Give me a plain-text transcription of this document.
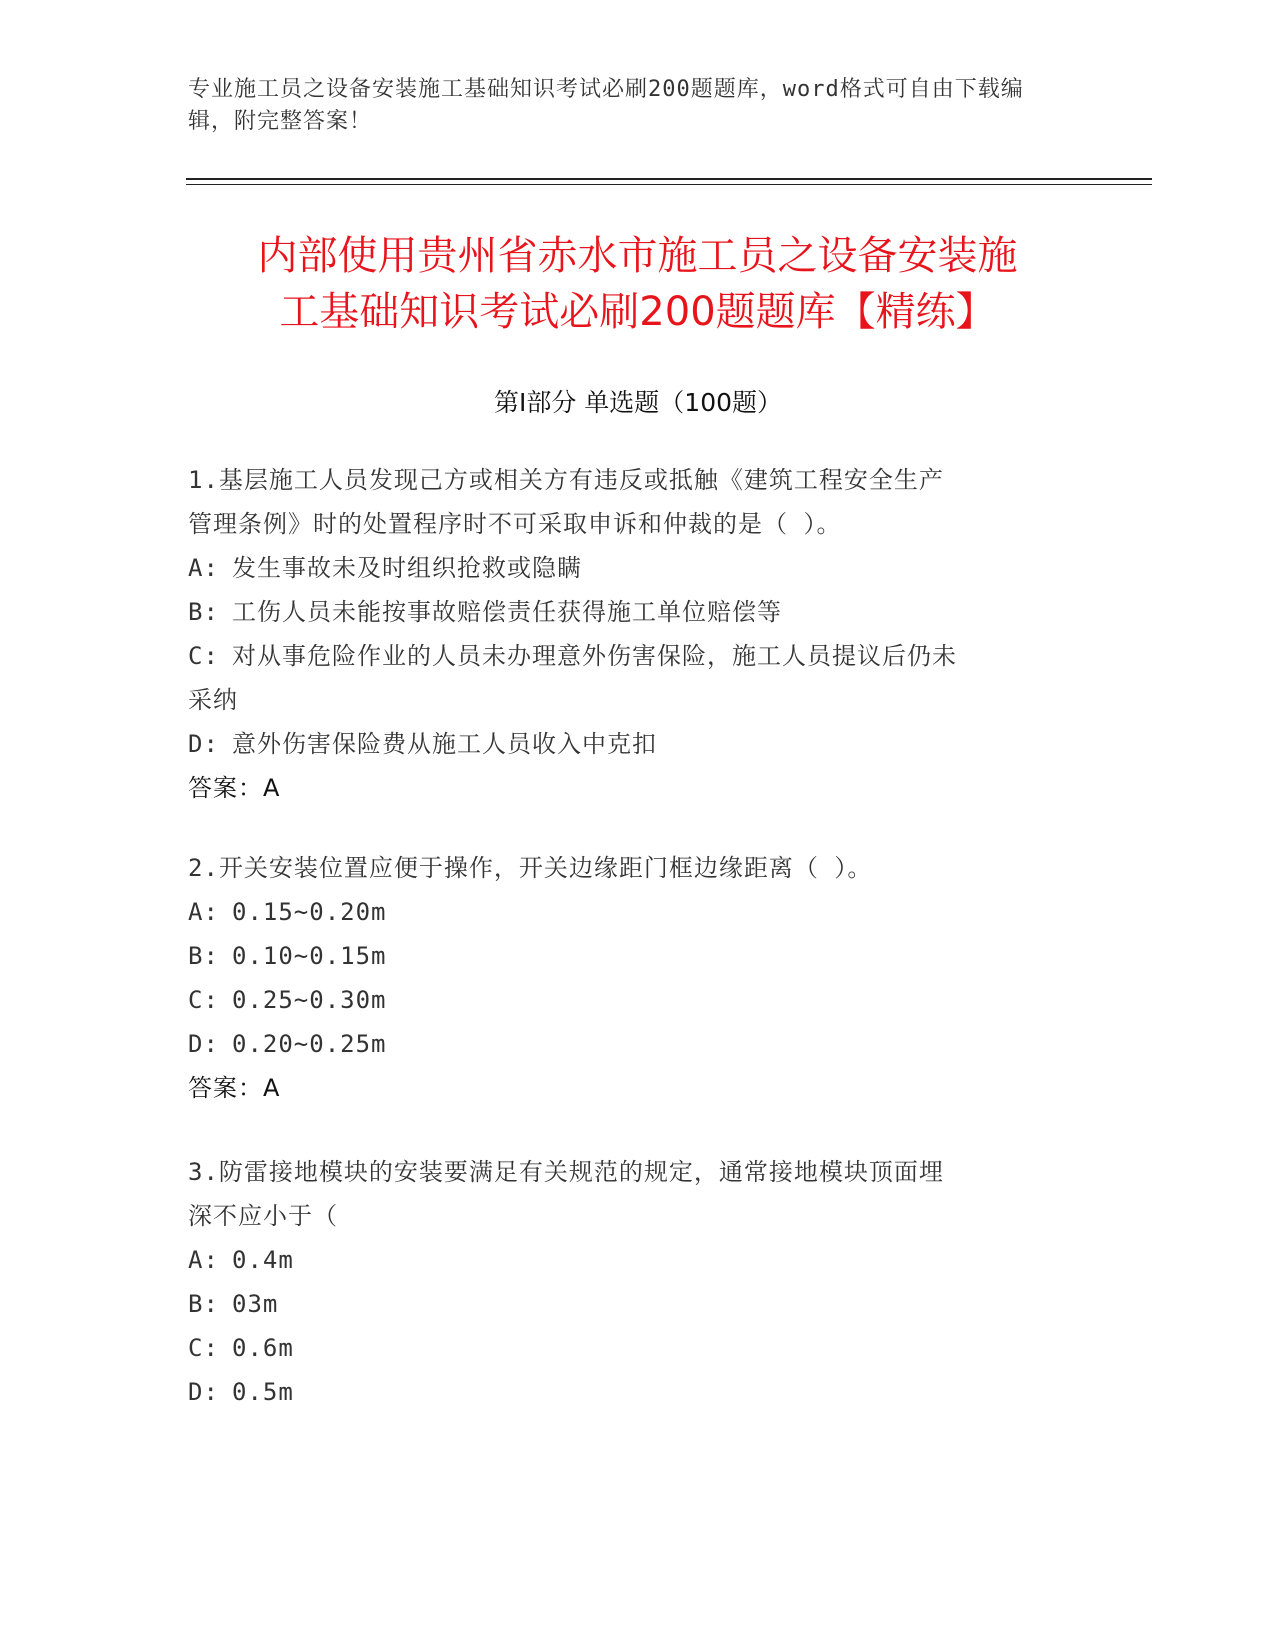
专业施工员之设备安装施工基础知识考试必刷200题题库，word格式可自由下载编辑，附完整答案！
内部使用贵州省赤水市施工员之设备安装施
工基础知识考试必刷200题题库【精练】
第Ⅰ部分 单选题（100题）

1.基层施工人员发现己方或相关方有违反或抵触《建筑工程安全生产

管理条例》时的处置程序时不可采取申诉和仲裁的是（ ）。

A: 发生事故未及时组织抢救或隐瞒

B: 工伤人员未能按事故赔偿责任获得施工单位赔偿等

C: 对从事危险作业的人员未办理意外伤害保险，施工人员提议后仍未

采纳

D: 意外伤害保险费从施工人员收入中克扣

答案：A

2.开关安装位置应便于操作，开关边缘距门框边缘距离（ ）。

A: 0.15~0.20m

B: 0.10~0.15m

C: 0.25~0.30m

D: 0.20~0.25m

答案：A

3.防雷接地模块的安装要满足有关规范的规定，通常接地模块顶面埋

深不应小于（

A: 0.4m

B: 03m

C: 0.6m

D: 0.5m
